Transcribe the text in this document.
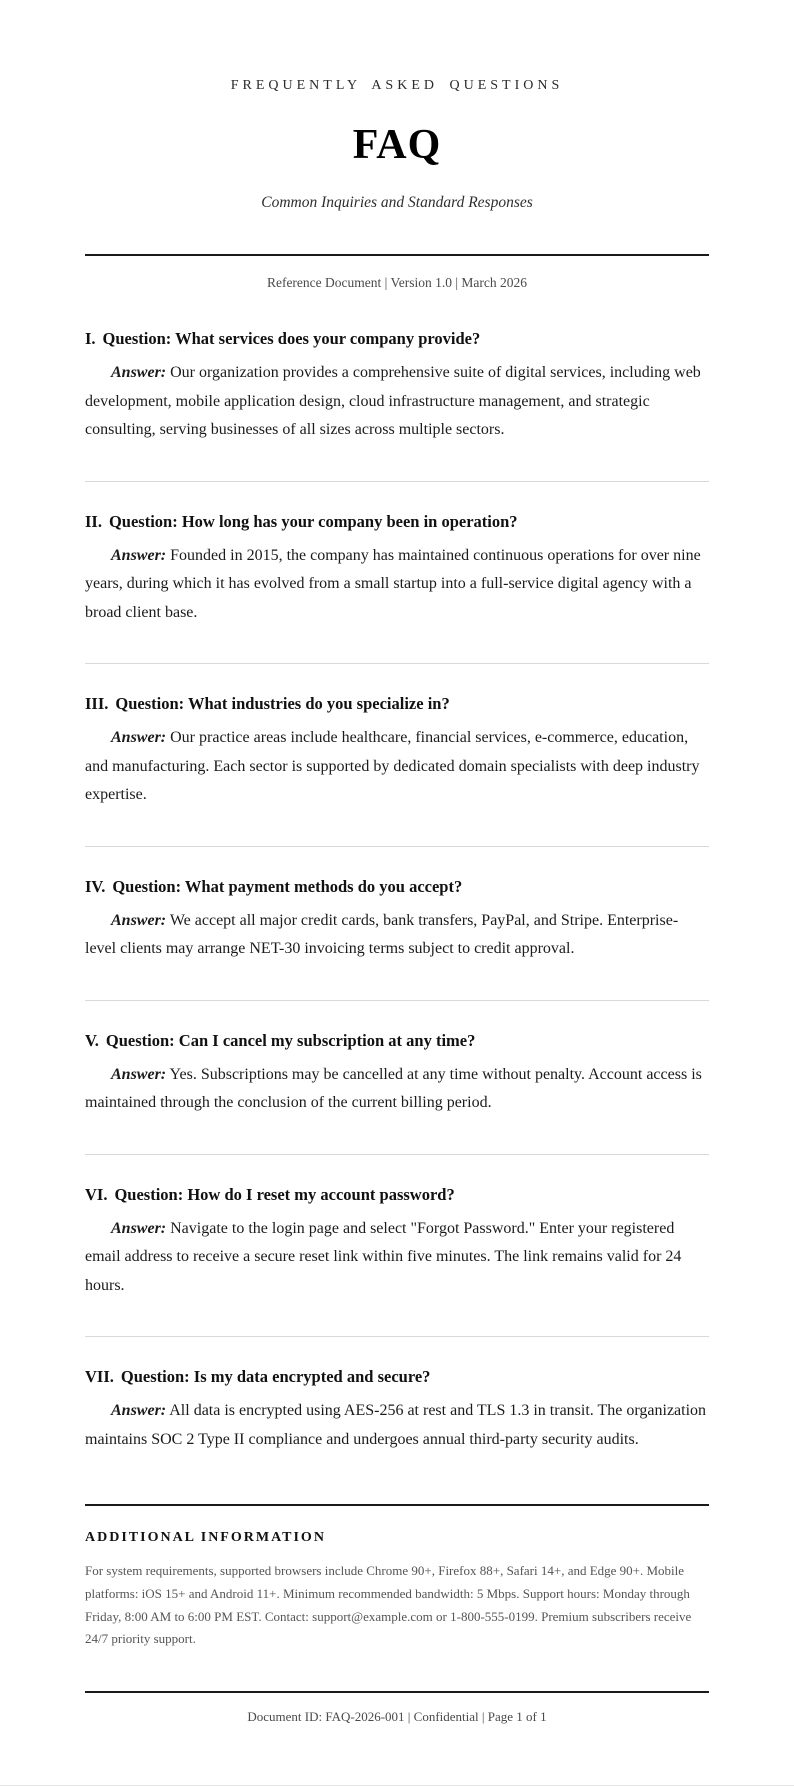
FREQUENTLY ASKED QUESTIONS
FAQ
Common Inquiries and Standard Responses
Reference Document | Version 1.0 | March 2026
I. Question: What services does your company provide?

Answer: Our organization provides a comprehensive suite of digital services, including web development, mobile application design, cloud infrastructure management, and strategic consulting, serving businesses of all sizes across multiple sectors.

II. Question: How long has your company been in operation?

Answer: Founded in 2015, the company has maintained continuous operations for over nine years, during which it has evolved from a small startup into a full-service digital agency with a broad client base.

III. Question: What industries do you specialize in?

Answer: Our practice areas include healthcare, financial services, e-commerce, education, and manufacturing. Each sector is supported by dedicated domain specialists with deep industry expertise.

IV. Question: What payment methods do you accept?

Answer: We accept all major credit cards, bank transfers, PayPal, and Stripe. Enterprise-level clients may arrange NET-30 invoicing terms subject to credit approval.

V. Question: Can I cancel my subscription at any time?

Answer: Yes. Subscriptions may be cancelled at any time without penalty. Account access is maintained through the conclusion of the current billing period.

VI. Question: How do I reset my account password?

Answer: Navigate to the login page and select "Forgot Password." Enter your registered email address to receive a secure reset link within five minutes. The link remains valid for 24 hours.

VII. Question: Is my data encrypted and secure?

Answer: All data is encrypted using AES-256 at rest and TLS 1.3 in transit. The organization maintains SOC 2 Type II compliance and undergoes annual third-party security audits.

ADDITIONAL INFORMATION

For system requirements, supported browsers include Chrome 90+, Firefox 88+, Safari 14+, and Edge 90+. Mobile platforms: iOS 15+ and Android 11+. Minimum recommended bandwidth: 5 Mbps. Support hours: Monday through Friday, 8:00 AM to 6:00 PM EST. Contact: support@example.com or 1-800-555-0199. Premium subscribers receive 24/7 priority support.

Document ID: FAQ-2026-001 | Confidential | Page 1 of 1
